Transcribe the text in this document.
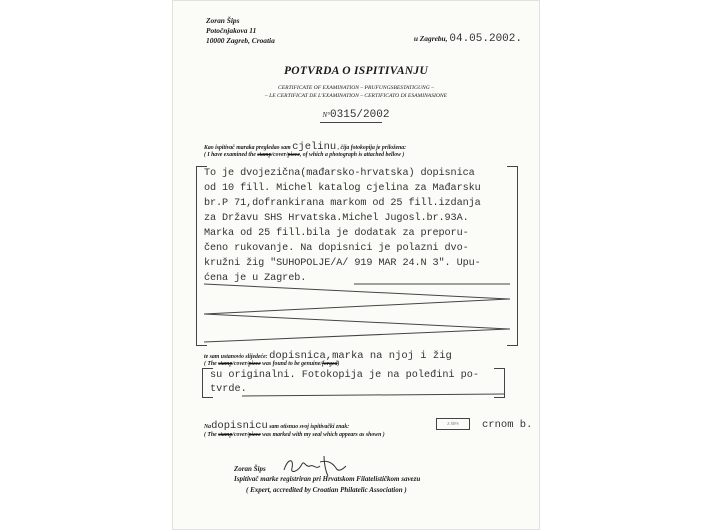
Zoran Šips
Potočnjakova 11
10000 Zagreb, Croatia	u Zagrebu, 04.05.2002.
POTVRDA O ISPITIVANJU
CERTIFICATE OF EXAMINATION – PRUFUNGSBESTATIGUNG –
– LE CERTIFICAT DE L'EXAMINATION – CERTIFICATO DI ESAMINASIONE
N°0315/2002
Kao ispitivač maraka pregledao sam cjelinu , čija fotokopija je priložena:
( I have examined the stamp/cover/piece, of which a photograph is attached bellow )
To je dvojezična(mađarsko-hrvatska) dopisnica
od 10 fill. Michel katalog cjelina za Mađarsku
br.P 71,dofrankirana markom od 25 fill.izdanja
za Državu SHS Hrvatska.Michel Jugosl.br.93A.
Marka od 25 fill.bila je dodatak za preporu-
čeno rukovanje. Na dopisnici je polazni dvo-
kružni žig "SUHOPOLJE/A/ 919 MAR 24.N 3". Upu-
ćena je u Zagreb.
te sam ustanovio slijedeće: dopisnica,marka na njoj i žig
( The stamp/cover/piece was found to be genuine/forged)
su originalni. Fotokopija je na poleđini po-
tvrde.
Nadopisnicu sam otisnuo svoj ispitivački znak:
Z.ŠIPS	crnom b.
( The stamp/cover/piece was marked with my seal which appears as shown )
Zoran Šips
Ispitivač marke registriran pri Hrvatskom Filatelističkom savezu
( Expert, accredited by Croatian Philatelic Association )
